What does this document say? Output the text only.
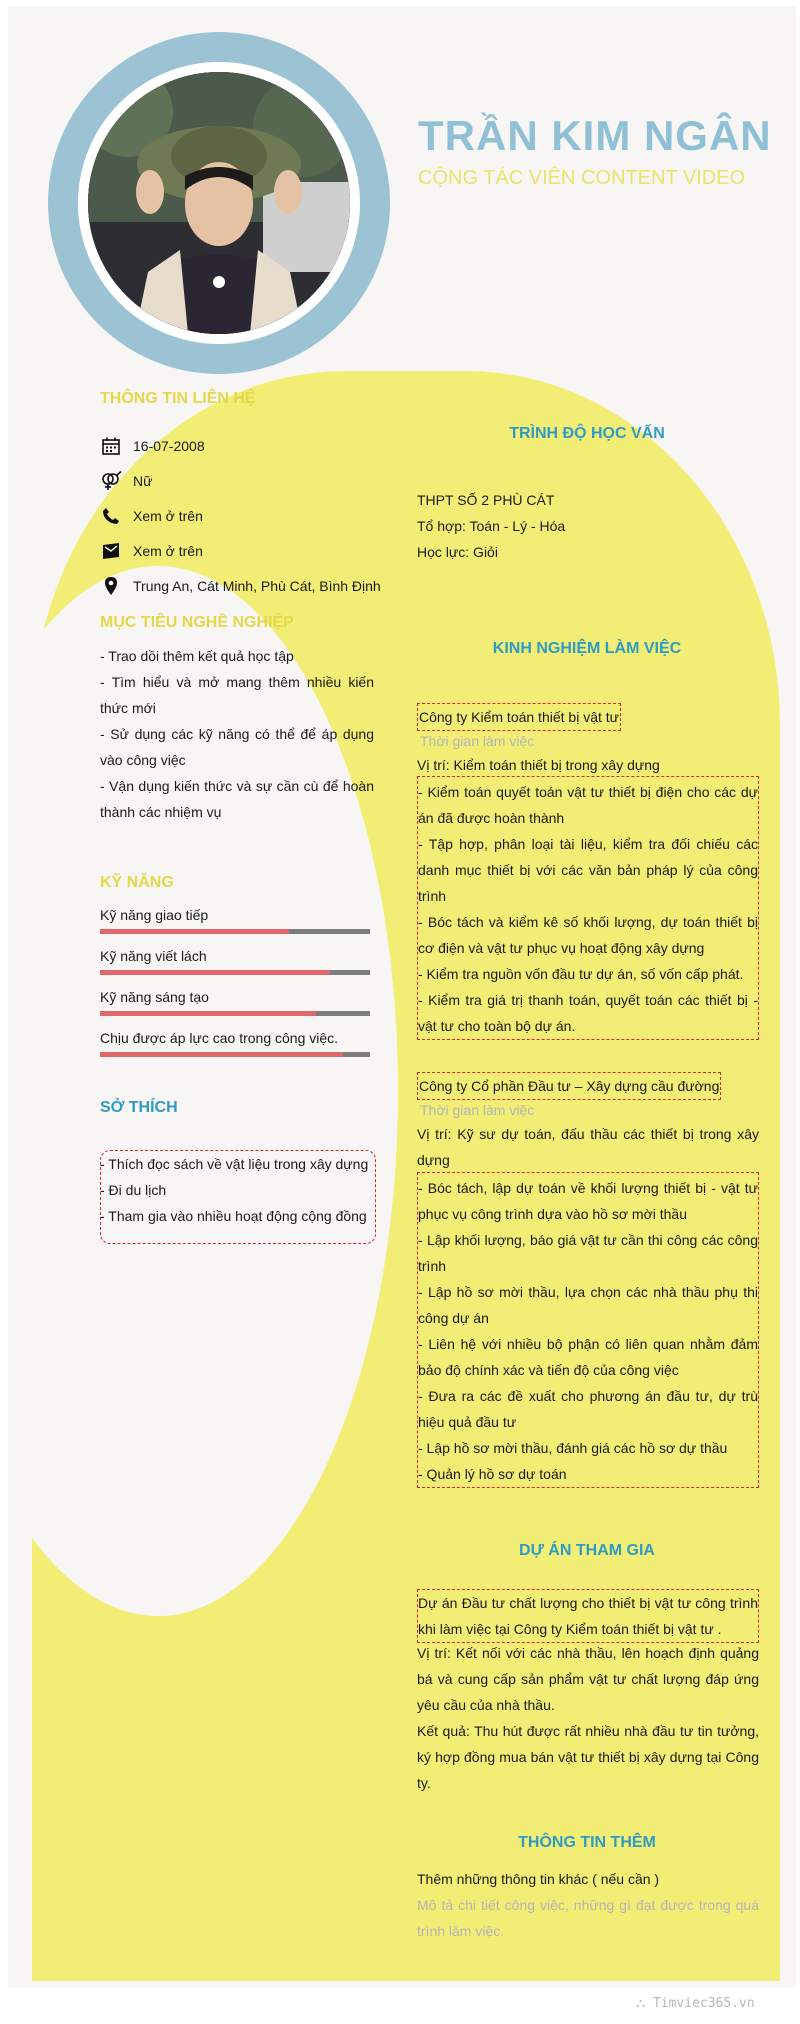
TRẦN KIM NGÂN
CỘNG TÁC VIÊN CONTENT VIDEO
THÔNG TIN LIÊN HỆ
16-07-2008
Nữ
Xem ở trên
Xem ở trên
Trung An, Cát Minh, Phù Cát, Bình Định
MỤC TIÊU NGHỀ NGHIỆP
- Trao dồi thêm kết quả học tập
- Tìm hiểu và mở mang thêm nhiều kiến thức mới
- Sử dụng các kỹ năng có thể để áp dụng vào công việc
- Vận dụng kiến thức và sự cần cù để hoàn thành các nhiệm vụ
KỸ NĂNG
Kỹ năng giao tiếp
Kỹ năng viết lách
Kỹ năng sáng tạo
Chịu được áp lực cao trong công việc.
SỞ THÍCH
- Thích đọc sách về vật liệu trong xây dựng
- Đi du lịch
- Tham gia vào nhiều hoạt động cộng đồng
TRÌNH ĐỘ HỌC VẤN
THPT SỐ 2 PHÙ CÁT
Tổ hợp: Toán - Lý - Hóa
Học lực: Giỏi
KINH NGHIỆM LÀM VIỆC
Công ty Kiểm toán thiết bị vật tư
Thời gian làm việc
Vị trí: Kiểm toán thiết bị trong xây dựng
- Kiểm toán quyết toán vật tư thiết bị điện cho các dự án đã được hoàn thành
- Tập hợp, phân loại tài liệu, kiểm tra đối chiếu các danh mục thiết bị với các văn bản pháp lý của công trình
- Bóc tách và kiểm kê số khối lượng, dự toán thiết bị cơ điện và vật tư phục vụ hoạt động xây dựng
- Kiểm tra nguồn vốn đầu tư dự án, số vốn cấp phát.
- Kiểm tra giá trị thanh toán, quyết toán các thiết bị - vật tư cho toàn bộ dự án.
Công ty Cổ phần Đầu tư – Xây dựng cầu đường
Thời gian làm việc
Vị trí: Kỹ sư dự toán, đấu thầu các thiết bị trong xây dựng
- Bóc tách, lập dự toán về khối lượng thiết bị - vật tư phục vụ công trình dựa vào hồ sơ mời thầu
- Lập khối lượng, báo giá vật tư cần thi công các công trình
- Lập hồ sơ mời thầu, lựa chọn các nhà thầu phụ thi công dự án
- Liên hệ với nhiều bộ phận có liên quan nhằm đảm bảo độ chính xác và tiến độ của công việc
- Đưa ra các đề xuất cho phương án đầu tư, dự trù hiệu quả đầu tư
- Lập hồ sơ mời thầu, đánh giá các hồ sơ dự thầu
- Quản lý hồ sơ dự toán
DỰ ÁN THAM GIA
Dự án Đầu tư chất lượng cho thiết bị vật tư công trình khi làm việc tại Công ty Kiểm toán thiết bị vật tư .
Vị trí: Kết nối với các nhà thầu, lên hoạch định quảng bá và cung cấp sản phẩm vật tư chất lượng đáp ứng yêu cầu của nhà thầu.
Kết quả: Thu hút được rất nhiều nhà đầu tư tin tưởng, ký hợp đồng mua bán vật tư thiết bị xây dựng tại Công ty.
THÔNG TIN THÊM
Thêm những thông tin khác ( nếu cần )
Mô tả chi tiết công việc, những gì đạt được trong quá trình làm việc.
⛬ Timviec365.vn
